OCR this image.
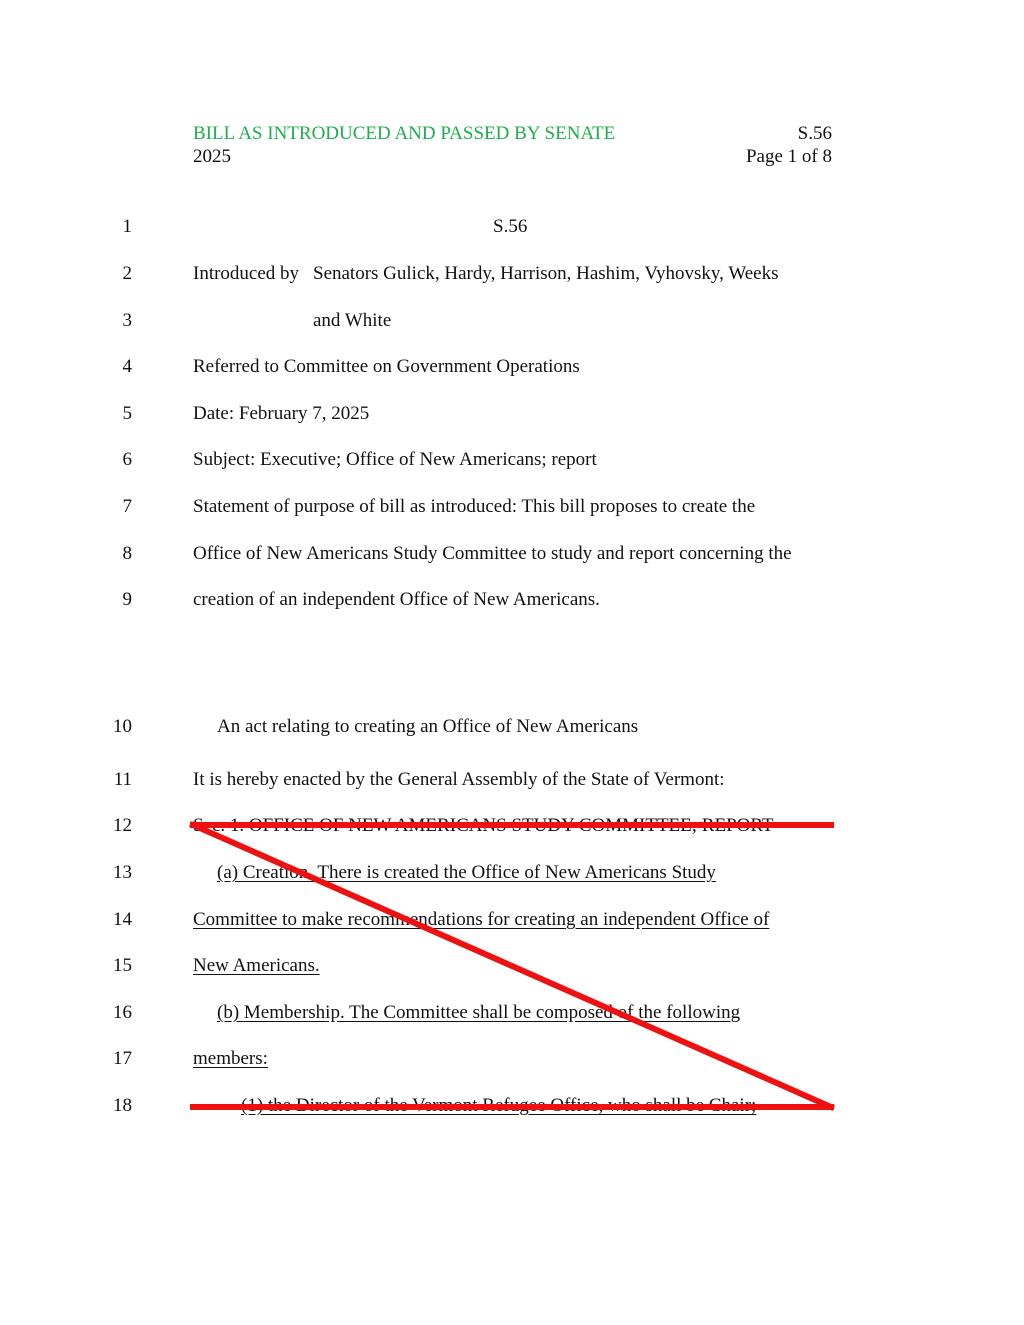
BILL AS INTRODUCED AND PASSED BY SENATE	S.56
2025	Page 1 of 8
1	S.56
2	Introduced by Senators Gulick, Hardy, Harrison, Hashim, Vyhovsky, Weeks
3	and White
4	Referred to Committee on Government Operations
5	Date: February 7, 2025
6	Subject: Executive; Office of New Americans; report
7	Statement of purpose of bill as introduced: This bill proposes to create the
8	Office of New Americans Study Committee to study and report concerning the
9	creation of an independent Office of New Americans.
10	An act relating to creating an Office of New Americans
11	It is hereby enacted by the General Assembly of the State of Vermont:
12	Sec. 1. OFFICE OF NEW AMERICANS STUDY COMMITTEE; REPORT
13	(a) Creation. There is created the Office of New Americans Study
14	Committee to make recommendations for creating an independent Office of
15	New Americans.
16	(b) Membership. The Committee shall be composed of the following
17	members:
18	(1) the Director of the Vermont Refugee Office, who shall be Chair;
